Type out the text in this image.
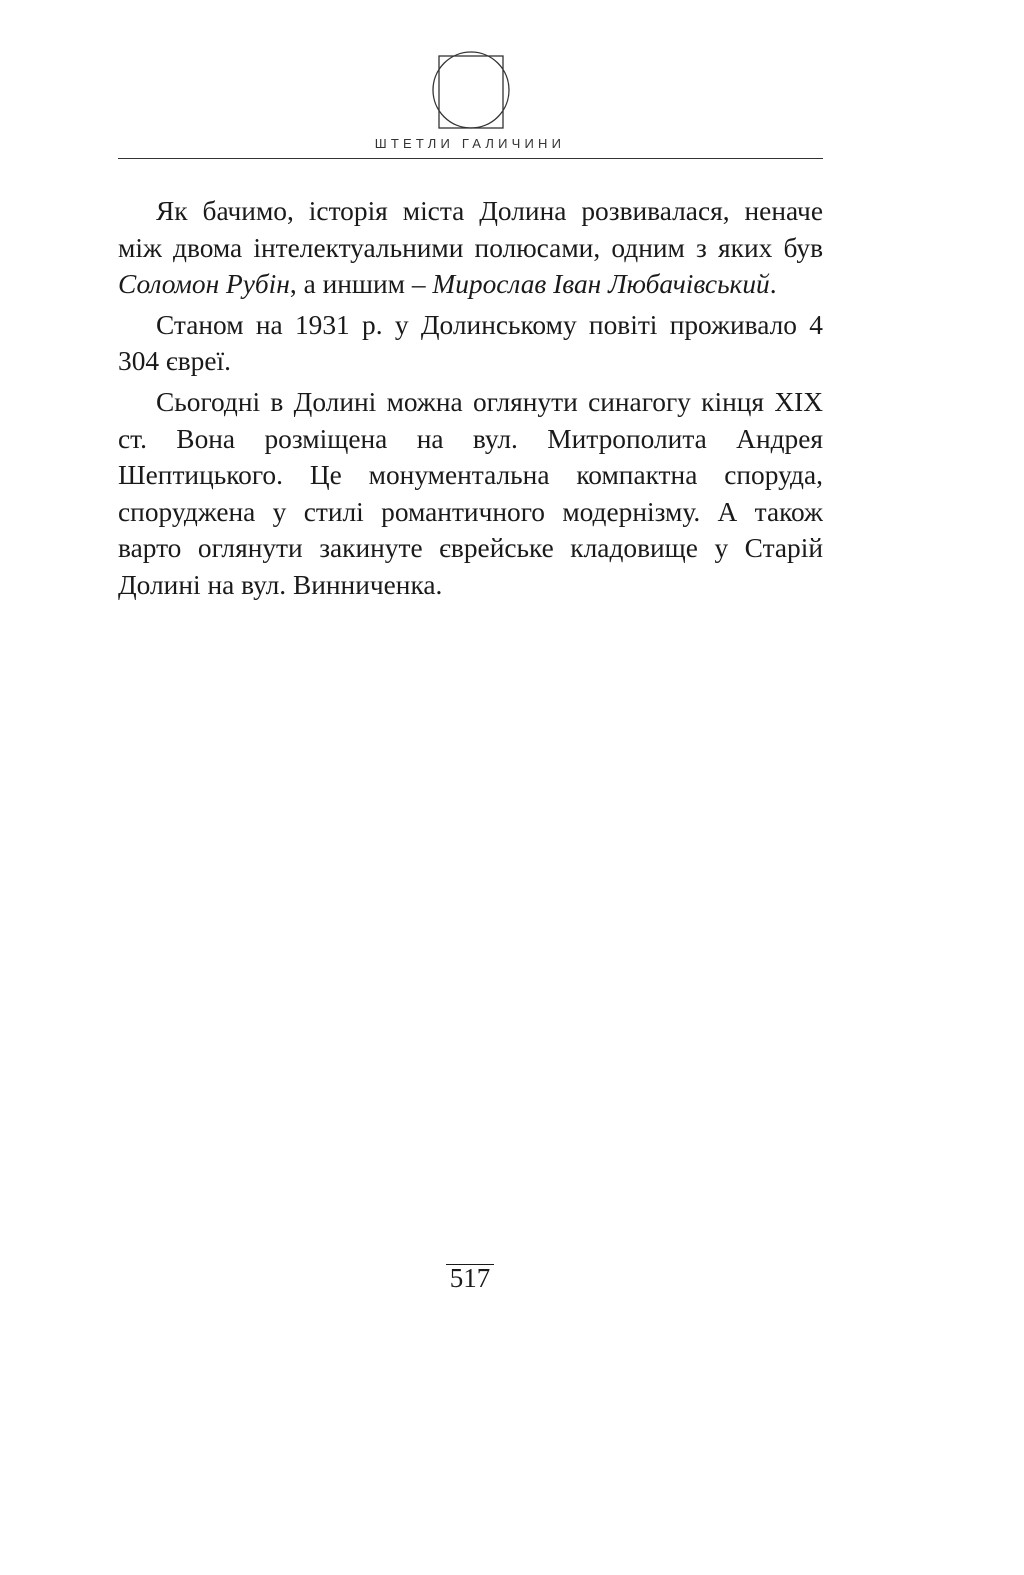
ШТЕТЛИ ГАЛИЧИНИ

Як бачимо, історія міста Долина розвивалася, неначе між двома інтелектуальними полюсами, одним з яких був Соломон Рубін, а иншим – Мирослав Іван Любачівський.

Станом на 1931 р. у Долинському повіті проживало 4 304 євреї.

Сьогодні в Долині можна оглянути синагогу кінця XIX ст. Вона розміщена на вул. Митрополита Андрея Шептицького. Це монументальна компактна споруда, споруджена у стилі романтичного модернізму. А також варто оглянути закинуте єврейське кладовище у Старій Долині на вул. Винниченка.

517
